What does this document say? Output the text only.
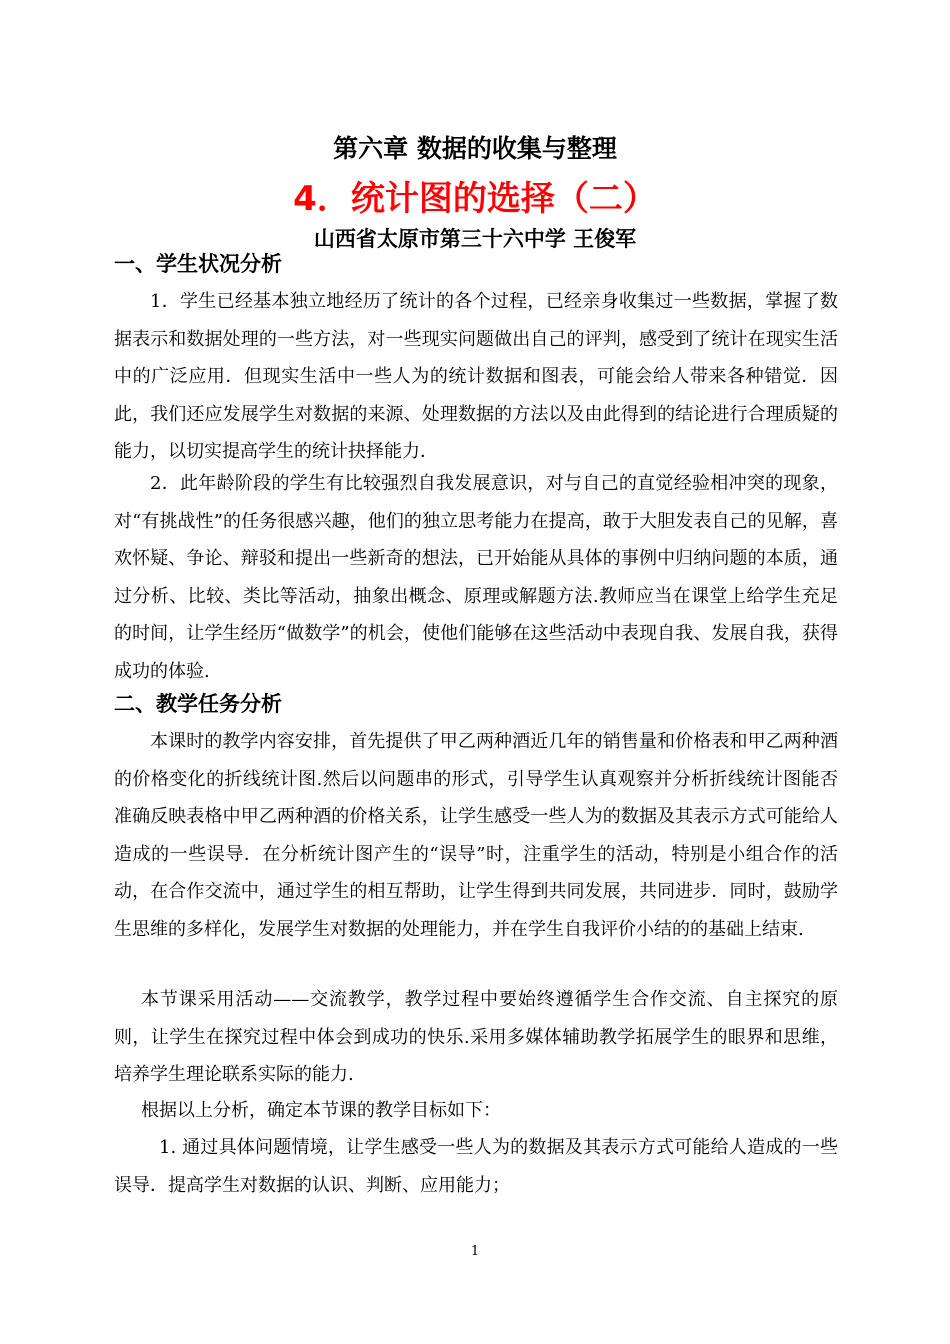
第六章 数据的收集与整理
4．统计图的选择（二）
山西省太原市第三十六中学 王俊军
一、学生状况分析
1．学生已经基本独立地经历了统计的各个过程，已经亲身收集过一些数据，掌握了数据表示和数据处理的一些方法，对一些现实问题做出自己的评判，感受到了统计在现实生活中的广泛应用．但现实生活中一些人为的统计数据和图表，可能会给人带来各种错觉．因此，我们还应发展学生对数据的来源、处理数据的方法以及由此得到的结论进行合理质疑的能力，以切实提高学生的统计抉择能力．
2．此年龄阶段的学生有比较强烈自我发展意识，对与自己的直觉经验相冲突的现象，对“有挑战性”的任务很感兴趣，他们的独立思考能力在提高，敢于大胆发表自己的见解，喜欢怀疑、争论、辩驳和提出一些新奇的想法，已开始能从具体的事例中归纳问题的本质，通过分析、比较、类比等活动，抽象出概念、原理或解题方法.教师应当在课堂上给学生充足的时间，让学生经历“做数学”的机会，使他们能够在这些活动中表现自我、发展自我，获得成功的体验.
二、教学任务分析
本课时的教学内容安排，首先提供了甲乙两种酒近几年的销售量和价格表和甲乙两种酒的价格变化的折线统计图.然后以问题串的形式，引导学生认真观察并分析折线统计图能否准确反映表格中甲乙两种酒的价格关系，让学生感受一些人为的数据及其表示方式可能给人造成的一些误导．在分析统计图产生的“误导”时，注重学生的活动，特别是小组合作的活动，在合作交流中，通过学生的相互帮助，让学生得到共同发展，共同进步．同时，鼓励学生思维的多样化，发展学生对数据的处理能力，并在学生自我评价小结的的基础上结束.
本节课采用活动——交流教学，教学过程中要始终遵循学生合作交流、自主探究的原则，让学生在探究过程中体会到成功的快乐.采用多媒体辅助教学拓展学生的眼界和思维，培养学生理论联系实际的能力.
根据以上分析，确定本节课的教学目标如下：
1. 通过具体问题情境，让学生感受一些人为的数据及其表示方式可能给人造成的一些误导．提高学生对数据的认识、判断、应用能力；
1
